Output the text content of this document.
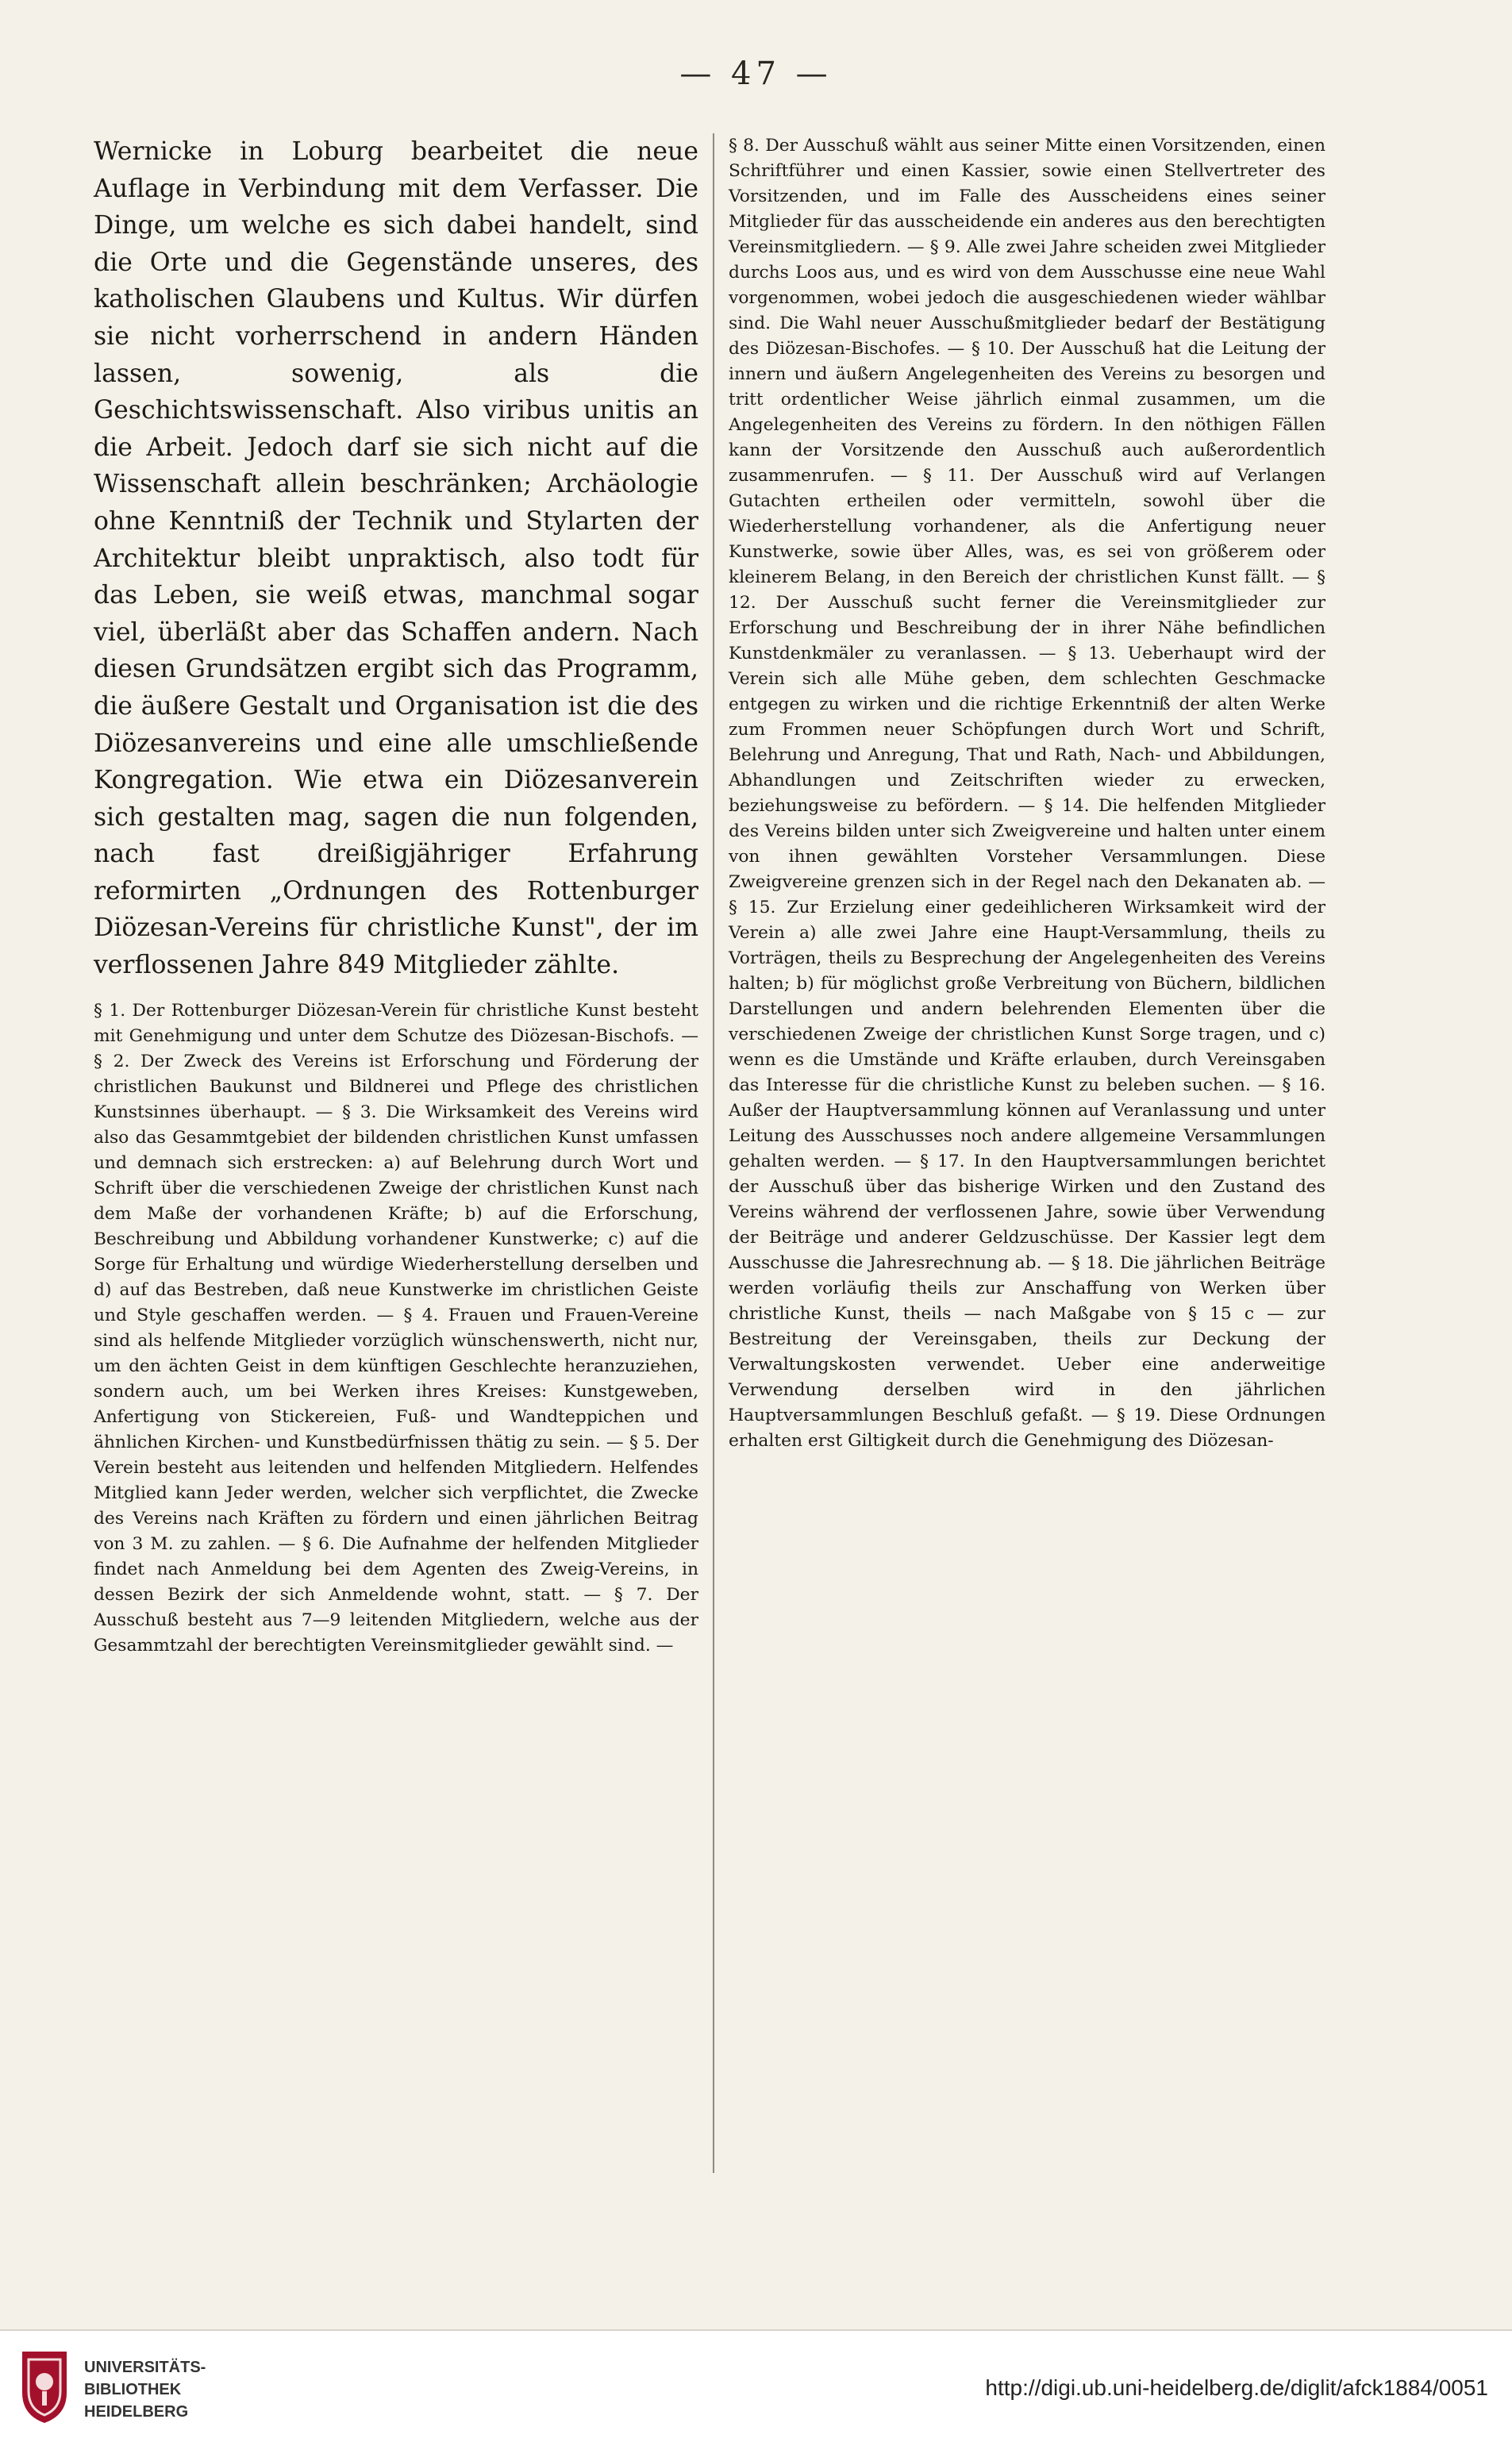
— 47 —

Wernicke in Loburg bearbeitet die neue Auflage in Verbindung mit dem Verfasser. Die Dinge, um welche es sich dabei handelt, sind die Orte und die Gegenstände unseres, des katholischen Glaubens und Kultus. Wir dürfen sie nicht vorherrschend in andern Händen lassen, sowenig, als die Geschichtswissenschaft. Also viribus unitis an die Arbeit. Jedoch darf sie sich nicht auf die Wissenschaft allein beschränken; Archäologie ohne Kenntniß der Technik und Stylarten der Architektur bleibt unpraktisch, also todt für das Leben, sie weiß etwas, manchmal sogar viel, überläßt aber das Schaffen andern. Nach diesen Grundsätzen ergibt sich das Programm, die äußere Gestalt und Organisation ist die des Diözesanvereins und eine alle umschließende Kongregation. Wie etwa ein Diözesanverein sich gestalten mag, sagen die nun folgenden, nach fast dreißigjähriger Erfahrung reformirten „Ordnungen des Rottenburger Diözesan-Vereins für christliche Kunst", der im verflossenen Jahre 849 Mitglieder zählte.

§ 1. Der Rottenburger Diözesan-Verein für christliche Kunst besteht mit Genehmigung und unter dem Schutze des Diözesan-Bischofs. — § 2. Der Zweck des Vereins ist Erforschung und Förderung der christlichen Baukunst und Bildnerei und Pflege des christlichen Kunstsinnes überhaupt. — § 3. Die Wirksamkeit des Vereins wird also das Gesammtgebiet der bildenden christlichen Kunst umfassen und demnach sich erstrecken: a) auf Belehrung durch Wort und Schrift über die verschiedenen Zweige der christlichen Kunst nach dem Maße der vorhandenen Kräfte; b) auf die Erforschung, Beschreibung und Abbildung vorhandener Kunstwerke; c) auf die Sorge für Erhaltung und würdige Wiederherstellung derselben und d) auf das Bestreben, daß neue Kunstwerke im christlichen Geiste und Style geschaffen werden. — § 4. Frauen und Frauen-Vereine sind als helfende Mitglieder vorzüglich wünschenswerth, nicht nur, um den ächten Geist in dem künftigen Geschlechte heranzuziehen, sondern auch, um bei Werken ihres Kreises: Kunstgeweben, Anfertigung von Stickereien, Fuß- und Wandteppichen und ähnlichen Kirchen- und Kunstbedürfnissen thätig zu sein. — § 5. Der Verein besteht aus leitenden und helfenden Mitgliedern. Helfendes Mitglied kann Jeder werden, welcher sich verpflichtet, die Zwecke des Vereins nach Kräften zu fördern und einen jährlichen Beitrag von 3 M. zu zahlen. — § 6. Die Aufnahme der helfenden Mitglieder findet nach Anmeldung bei dem Agenten des Zweig-Vereins, in dessen Bezirk der sich Anmeldende wohnt, statt. — § 7. Der Ausschuß besteht aus 7—9 leitenden Mitgliedern, welche aus der Gesammtzahl der berechtigten Vereinsmitglieder gewählt sind. —

§ 8. Der Ausschuß wählt aus seiner Mitte einen Vorsitzenden, einen Schriftführer und einen Kassier, sowie einen Stellvertreter des Vorsitzenden, und im Falle des Ausscheidens eines seiner Mitglieder für das ausscheidende ein anderes aus den berechtigten Vereinsmitgliedern. — § 9. Alle zwei Jahre scheiden zwei Mitglieder durchs Loos aus, und es wird von dem Ausschusse eine neue Wahl vorgenommen, wobei jedoch die ausgeschiedenen wieder wählbar sind. Die Wahl neuer Ausschußmitglieder bedarf der Bestätigung des Diözesan-Bischofes. — § 10. Der Ausschuß hat die Leitung der innern und äußern Angelegenheiten des Vereins zu besorgen und tritt ordentlicher Weise jährlich einmal zusammen, um die Angelegenheiten des Vereins zu fördern. In den nöthigen Fällen kann der Vorsitzende den Ausschuß auch außerordentlich zusammenrufen. — § 11. Der Ausschuß wird auf Verlangen Gutachten ertheilen oder vermitteln, sowohl über die Wiederherstellung vorhandener, als die Anfertigung neuer Kunstwerke, sowie über Alles, was, es sei von größerem oder kleinerem Belang, in den Bereich der christlichen Kunst fällt. — § 12. Der Ausschuß sucht ferner die Vereinsmitglieder zur Erforschung und Beschreibung der in ihrer Nähe befindlichen Kunstdenkmäler zu veranlassen. — § 13. Ueberhaupt wird der Verein sich alle Mühe geben, dem schlechten Geschmacke entgegen zu wirken und die richtige Erkenntniß der alten Werke zum Frommen neuer Schöpfungen durch Wort und Schrift, Belehrung und Anregung, That und Rath, Nach- und Abbildungen, Abhandlungen und Zeitschriften wieder zu erwecken, beziehungsweise zu befördern. — § 14. Die helfenden Mitglieder des Vereins bilden unter sich Zweigvereine und halten unter einem von ihnen gewählten Vorsteher Versammlungen. Diese Zweigvereine grenzen sich in der Regel nach den Dekanaten ab. — § 15. Zur Erzielung einer gedeihlicheren Wirksamkeit wird der Verein a) alle zwei Jahre eine Haupt-Versammlung, theils zu Vorträgen, theils zu Besprechung der Angelegenheiten des Vereins halten; b) für möglichst große Verbreitung von Büchern, bildlichen Darstellungen und andern belehrenden Elementen über die verschiedenen Zweige der christlichen Kunst Sorge tragen, und c) wenn es die Umstände und Kräfte erlauben, durch Vereinsgaben das Interesse für die christliche Kunst zu beleben suchen. — § 16. Außer der Hauptversammlung können auf Veranlassung und unter Leitung des Ausschusses noch andere allgemeine Versammlungen gehalten werden. — § 17. In den Hauptversammlungen berichtet der Ausschuß über das bisherige Wirken und den Zustand des Vereins während der verflossenen Jahre, sowie über Verwendung der Beiträge und anderer Geldzuschüsse. Der Kassier legt dem Ausschusse die Jahresrechnung ab. — § 18. Die jährlichen Beiträge werden vorläufig theils zur Anschaffung von Werken über christliche Kunst, theils — nach Maßgabe von § 15 c — zur Bestreitung der Vereinsgaben, theils zur Deckung der Verwaltungskosten verwendet. Ueber eine anderweitige Verwendung derselben wird in den jährlichen Hauptversammlungen Beschluß gefaßt. — § 19. Diese Ordnungen erhalten erst Giltigkeit durch die Genehmigung des Diözesan-

UNIVERSITÄTS-
BIBLIOTHEK
HEIDELBERG
http://digi.ub.uni-heidelberg.de/diglit/afck1884/0051
